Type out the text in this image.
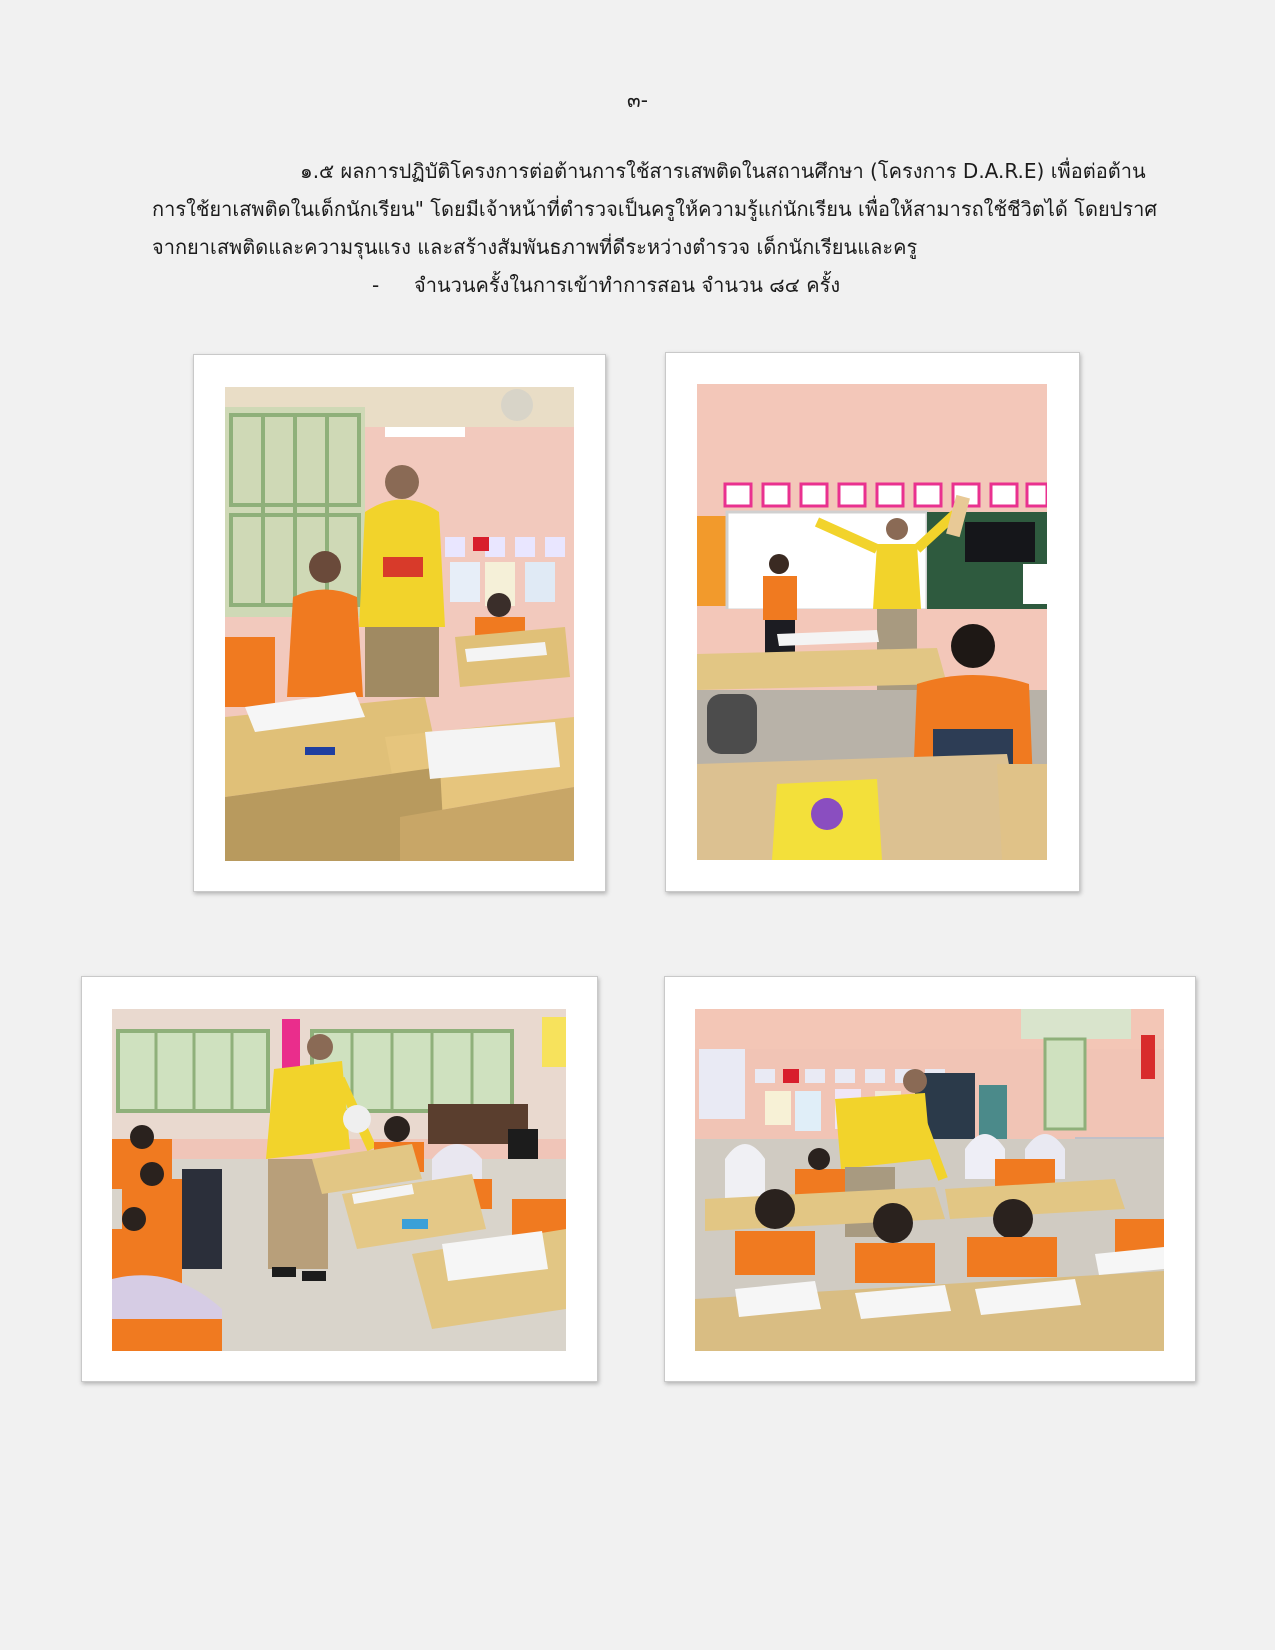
๓-
๑.๕ ผลการปฏิบัติโครงการต่อต้านการใช้สารเสพติดในสถานศึกษา (โครงการ D.A.R.E) เพื่อต่อต้าน
การใช้ยาเสพติดในเด็กนักเรียน" โดยมีเจ้าหน้าที่ตำรวจเป็นครูให้ความรู้แก่นักเรียน เพื่อให้สามารถใช้ชีวิตได้ โดยปราศ
จากยาเสพติดและความรุนแรง และสร้างสัมพันธภาพที่ดีระหว่างตำรวจ เด็กนักเรียนและครู
- จำนวนครั้งในการเข้าทำการสอน จำนวน ๘๔ ครั้ง
